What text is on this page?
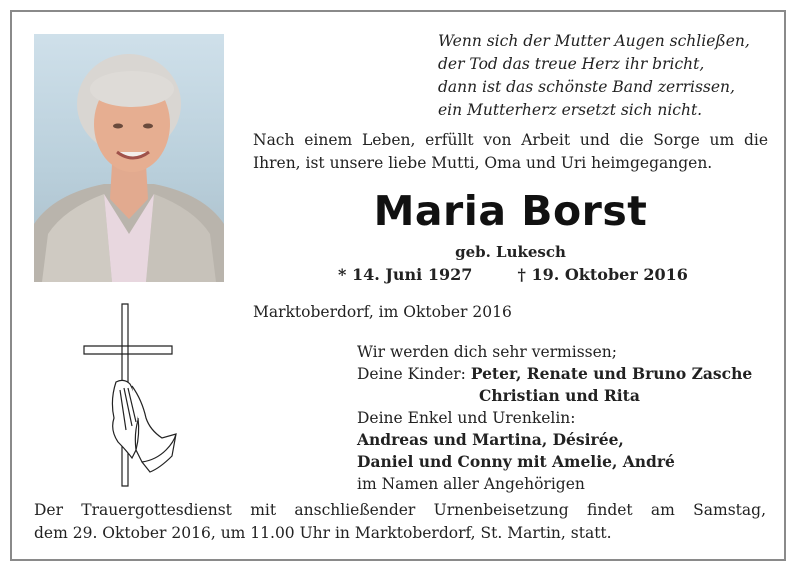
Wenn sich der Mutter Augen schließen,
der Tod das treue Herz ihr bricht,
dann ist das schönste Band zerrissen,
ein Mutterherz ersetzt sich nicht.
Nach einem Leben, erfüllt von Arbeit und die Sorge um die Ihren, ist unsere liebe Mutti, Oma und Uri heimgegangen.
Maria Borst
geb. Lukesch
* 14. Juni 1927	† 19. Oktober 2016
Marktoberdorf, im Oktober 2016
Wir werden dich sehr vermissen;
Deine Kinder: Peter, Renate und Bruno Zasche
Christian und Rita
Deine Enkel und Urenkelin:
Andreas und Martina, Désirée,
Daniel und Conny mit Amelie, André
im Namen aller Angehörigen
Der Trauergottesdienst mit anschließender Urnenbeisetzung findet am Samstag,
dem 29. Oktober 2016, um 11.00 Uhr in Marktoberdorf, St. Martin, statt.
